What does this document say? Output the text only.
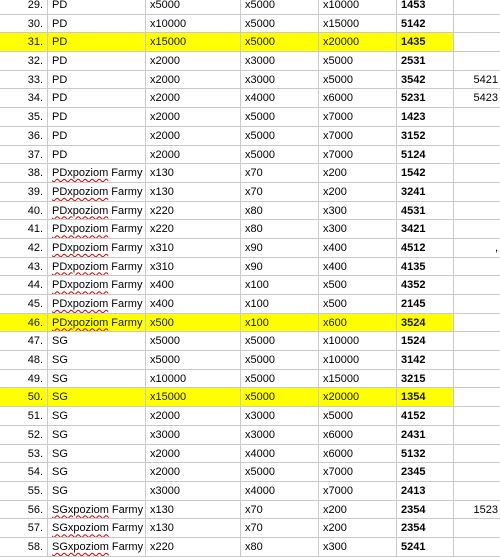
29. PD	x5000	x5000	x10000	1453
30. PD	x10000	x5000	x15000	5142
31. PD	x15000	x5000	x20000	1435
32. PD	x2000	x3000	x5000	2531
33. PD	x2000	x3000	x5000	3542	5421
34. PD	x2000	x4000	x6000	5231	5423
35. PD	x2000	x5000	x7000	1423
36. PD	x2000	x5000	x7000	3152
37. PD	x2000	x5000	x7000	5124
38. PDxpoziom Farmy x130	x70	x200	1542
39. PDxpoziom Farmy x130	x70	x200	3241
40. PDxpoziom Farmy x220	x80	x300	4531
41. PDxpoziom Farmy x220	x80	x300	3421
42. PDxpoziom Farmy x310	x90	x400	4512	,
43. PDxpoziom Farmy x310	x90	x400	4135
44. PDxpoziom Farmy x400	x100	x500	4352
45. PDxpoziom Farmy x400	x100	x500	2145
46. PDxpoziom Farmy x500	x100	x600	3524
47. SG	x5000	x5000	x10000	1524
48. SG	x5000	x5000	x10000	3142
49. SG	x10000	x5000	x15000	3215
50. SG	x15000	x5000	x20000	1354
51. SG	x2000	x3000	x5000	4152
52. SG	x3000	x3000	x6000	2431
53. SG	x2000	x4000	x6000	5132
54. SG	x2000	x5000	x7000	2345
55. SG	x3000	x4000	x7000	2413
56. SGxpoziom Farmy x130	x70	x200	2354	1523
57. SGxpoziom Farmy x130	x70	x200	2354
58. SGxpoziom Farmy x220	x80	x300	5241
